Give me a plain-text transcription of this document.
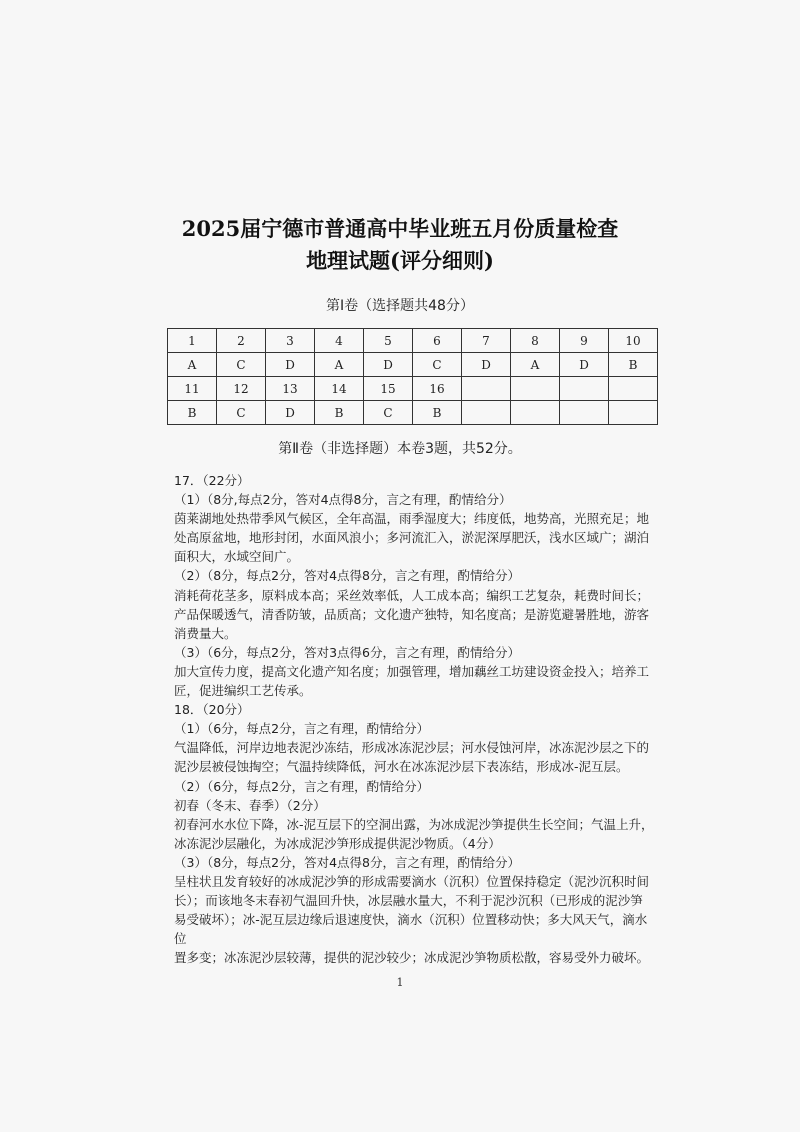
2025届宁德市普通高中毕业班五月份质量检查
地理试题(评分细则)
第Ⅰ卷（选择题共48分）
1	2	3	4	5	6	7	8	9	10
A	C	D	A	D	C	D	A	D	B
11	12	13	14	15	16				
B	C	D	B	C	B				
第Ⅱ卷（非选择题）本卷3题，共52分。

17．（22分）

（1）（8分,每点2分，答对4点得8分，言之有理，酌情给分）

茵莱湖地处热带季风气候区，全年高温，雨季湿度大；纬度低，地势高，光照充足；地

处高原盆地，地形封闭，水面风浪小；多河流汇入，淤泥深厚肥沃，浅水区域广；湖泊

面积大，水域空间广。

（2）（8分，每点2分，答对4点得8分，言之有理，酌情给分）

消耗荷花茎多，原料成本高；采丝效率低，人工成本高；编织工艺复杂，耗费时间长；

产品保暖透气，清香防皱，品质高；文化遗产独特，知名度高；是游览避暑胜地，游客

消费量大。

（3）（6分，每点2分，答对3点得6分，言之有理，酌情给分）

加大宣传力度，提高文化遗产知名度；加强管理，增加藕丝工坊建设资金投入；培养工

匠，促进编织工艺传承。

18．（20分）

（1）（6分，每点2分，言之有理，酌情给分）

气温降低，河岸边地表泥沙冻结，形成冰冻泥沙层；河水侵蚀河岸，冰冻泥沙层之下的

泥沙层被侵蚀掏空；气温持续降低，河水在冰冻泥沙层下表冻结，形成冰-泥互层。

（2）（6分，每点2分，言之有理，酌情给分）

初春（冬末、春季）（2分）

初春河水水位下降，冰-泥互层下的空洞出露，为冰成泥沙笋提供生长空间；气温上升，

冰冻泥沙层融化，为冰成泥沙笋形成提供泥沙物质。（4分）

（3）（8分，每点2分，答对4点得8分，言之有理，酌情给分）

呈柱状且发育较好的冰成泥沙笋的形成需要滴水（沉积）位置保持稳定（泥沙沉积时间

长）；而该地冬末春初气温回升快，冰层融水量大，不利于泥沙沉积（已形成的泥沙笋

易受破坏）；冰-泥互层边缘后退速度快，滴水（沉积）位置移动快；多大风天气，滴水位

置多变；冰冻泥沙层较薄，提供的泥沙较少；冰成泥沙笋物质松散，容易受外力破坏。

1
